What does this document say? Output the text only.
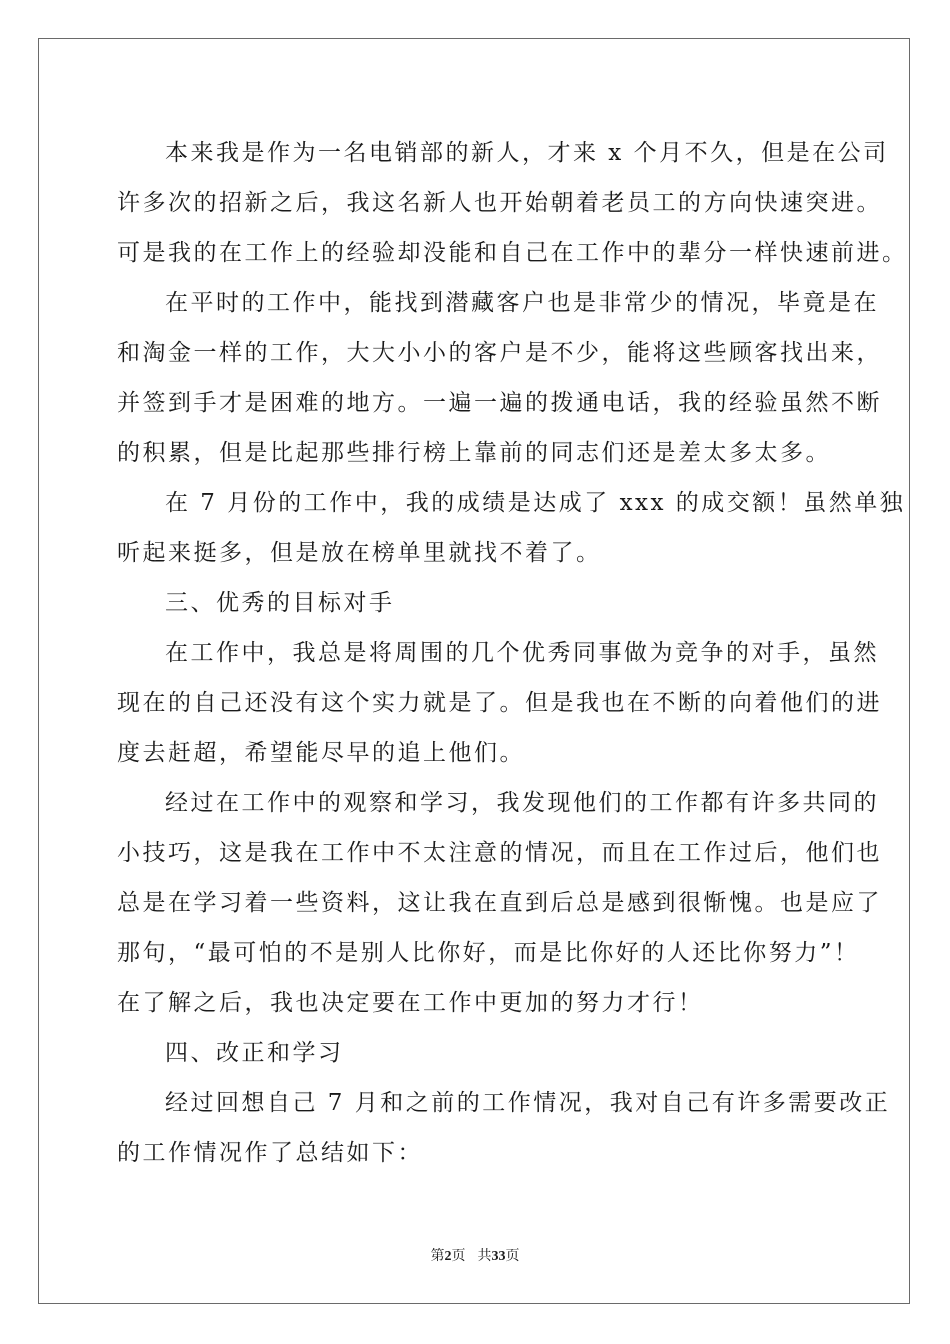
本来我是作为一名电销部的新人，才来 x 个月不久，但是在公司
许多次的招新之后，我这名新人也开始朝着老员工的方向快速突进。
可是我的在工作上的经验却没能和自己在工作中的辈分一样快速前进。
在平时的工作中，能找到潜藏客户也是非常少的情况，毕竟是在
和淘金一样的工作，大大小小的客户是不少，能将这些顾客找出来，
并签到手才是困难的地方。一遍一遍的拨通电话，我的经验虽然不断
的积累，但是比起那些排行榜上靠前的同志们还是差太多太多。
在 7 月份的工作中，我的成绩是达成了 xxx 的成交额！虽然单独
听起来挺多，但是放在榜单里就找不着了。
三、优秀的目标对手
在工作中，我总是将周围的几个优秀同事做为竞争的对手，虽然
现在的自己还没有这个实力就是了。但是我也在不断的向着他们的进
度去赶超，希望能尽早的追上他们。
经过在工作中的观察和学习，我发现他们的工作都有许多共同的
小技巧，这是我在工作中不太注意的情况，而且在工作过后，他们也
总是在学习着一些资料，这让我在直到后总是感到很惭愧。也是应了
那句，“最可怕的不是别人比你好，而是比你好的人还比你努力”！
在了解之后，我也决定要在工作中更加的努力才行！
四、改正和学习
经过回想自己 7 月和之前的工作情况，我对自己有许多需要改正
的工作情况作了总结如下：
第2页 共33页
